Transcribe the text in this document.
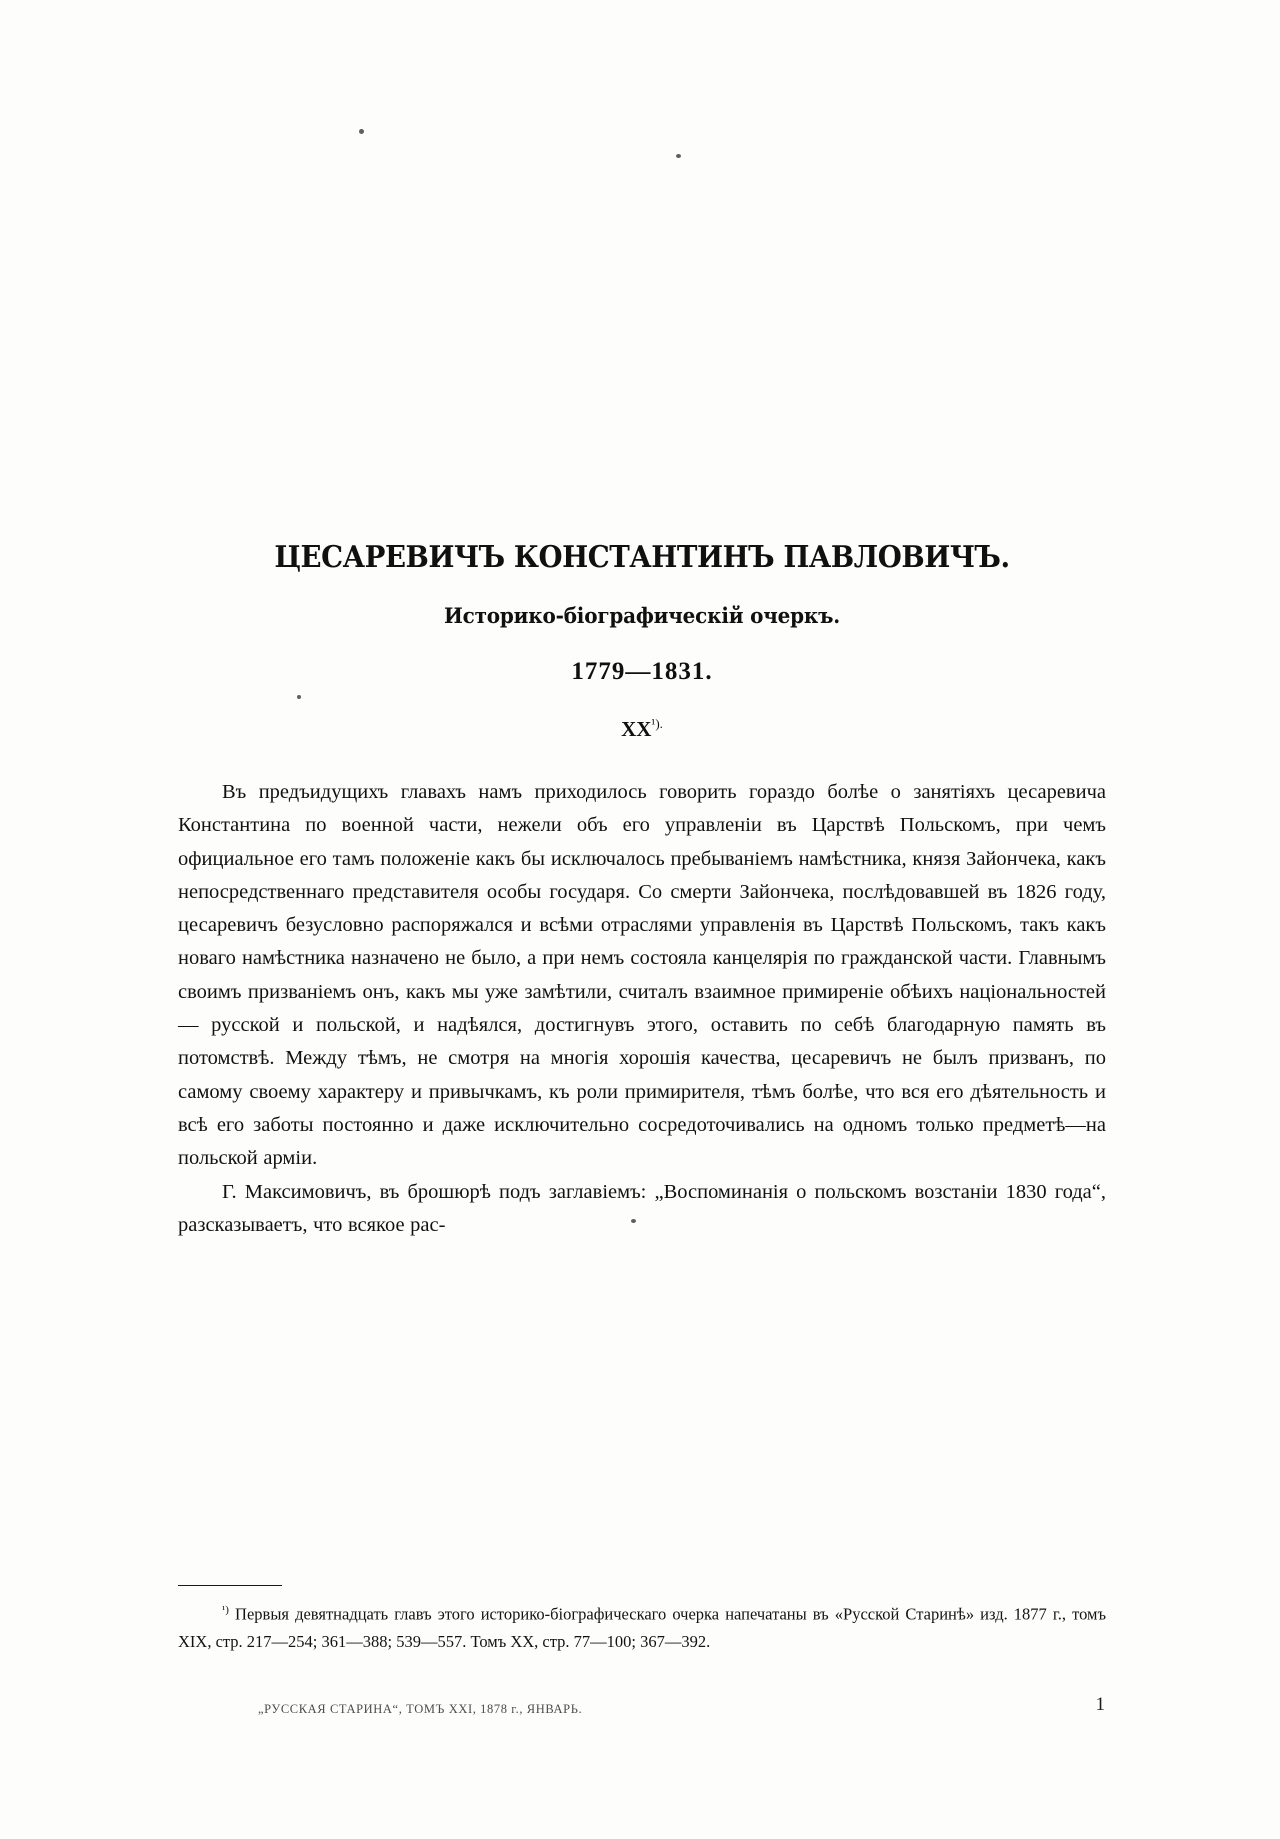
ЦЕСАРЕВИЧЪ КОНСТАНТИНЪ ПАВЛОВИЧЪ.
Историко-біографическій очеркъ.
1779—1831.
$XX^{^1).}$

Въ предъидущихъ главахъ намъ приходилось говорить гораздо болѣе о занятіяхъ цесаревича Константина по военной части, нежели объ его управленіи въ Царствѣ Польскомъ, при чемъ официальное его тамъ положеніе какъ бы исключалось пребываніемъ намѣстника, князя Зайончека, какъ непосредственнаго представителя особы государя. Со смерти Зайончека, послѣдовавшей въ 1826 году, цесаревичъ безусловно распоряжался и всѣми отраслями управленія въ Царствѣ Польскомъ, такъ какъ новаго намѣстника назначено не было, а при немъ состояла канцелярія по гражданской части. Главнымъ своимъ призваніемъ онъ, какъ мы уже замѣтили, считалъ взаимное примиреніе обѣихъ національностей — русской и польской, и надѣялся, достигнувъ этого, оставить по себѣ благодарную память въ потомствѣ. Между тѣмъ, не смотря на многія хорошія качества, цесаревичъ не былъ призванъ, по самому своему характеру и привычкамъ, къ роли примирителя, тѣмъ болѣе, что вся его дѣятельность и всѣ его заботы постоянно и даже исключительно сосредоточивались на одномъ только предметѣ—на польской арміи.

Г. Максимовичъ, въ брошюрѣ подъ заглавіемъ: „Воспоминанія о польскомъ возстаніи 1830 года“, разсказываетъ, что всякое рас-

$^{^1)}$ Первыя девятнадцать главъ этого историко-біографическаго очерка напечатаны въ «Русской Старинѣ» изд. 1877 г., томъ XIX, стр. 217—254; 361—388; 539—557. Томъ XX, стр. 77—100; 367—392.
„РУССКАЯ СТАРИНА“, ТОМЪ XXI, 1878 г., ЯНВАРЬ.	1
